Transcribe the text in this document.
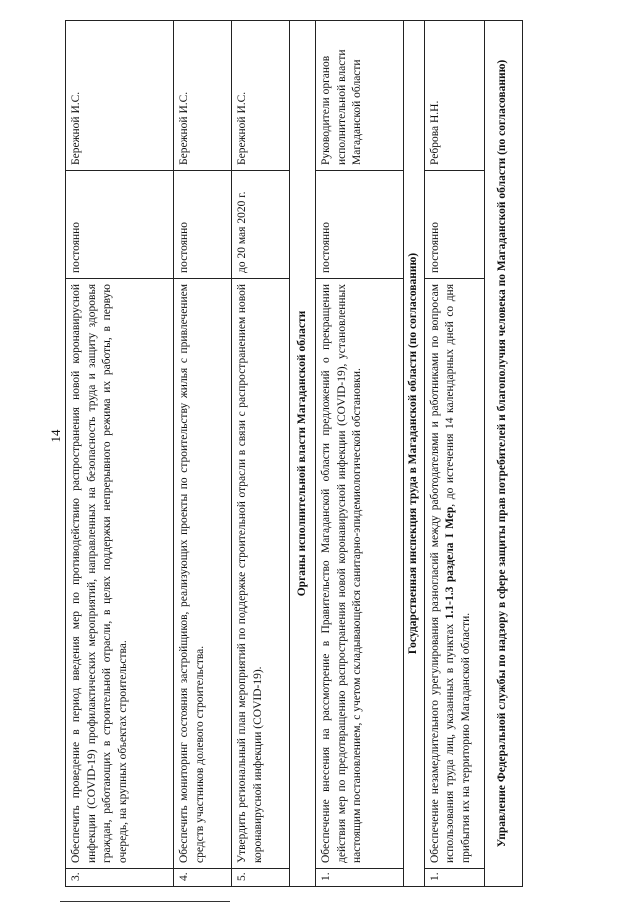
14
3.	Обеспечить проведение в период введения мер по противодействию распространения новой коронавирусной инфекции (COVID-19) профилактических мероприятий, направленных на безопасность труда и защиту здоровья граждан, работающих в строительной отрасли, в целях поддержки непрерывного режима их работы, в первую очередь, на крупных объектах строительства.	постоянно	Бережной И.С.
4.	Обеспечить мониторинг состояния застройщиков, реализующих проекты по строительству жилья с привлечением средств участников долевого строительства.	постоянно	Бережной И.С.
5.	Утвердить региональный план мероприятий по поддержке строительной отрасли в связи с распространением новой коронавирусной инфекции (COVID-19).	до 20 мая 2020 г.	Бережной И.С.
Органы исполнительной власти Магаданской области			
1.	Обеспечение внесения на рассмотрение в Правительство Магаданской области предложений о прекращении действия мер по предотвращению распространения новой коронавирусной инфекции (COVID-19), установленных настоящим постановлением, с учетом складывающейся санитарно-эпидемиологической обстановки.	постоянно	Руководители органов исполнительной власти Магаданской области
Государственная инспекция труда в Магаданской области (по согласованию)			
1.	Обеспечение незамедлительного урегулирования разногласий между работодателями и работниками по вопросам использования труда лиц, указанных в пунктах 1.1-1.3 раздела I Мер, до истечения 14 календарных дней со дня прибытия их на территорию Магаданской области.	постоянно	Реброва Н.Н.
Управление Федеральной службы по надзору в сфере защиты прав потребителей и благополучия человека по Магаданской области (по согласованию)			
